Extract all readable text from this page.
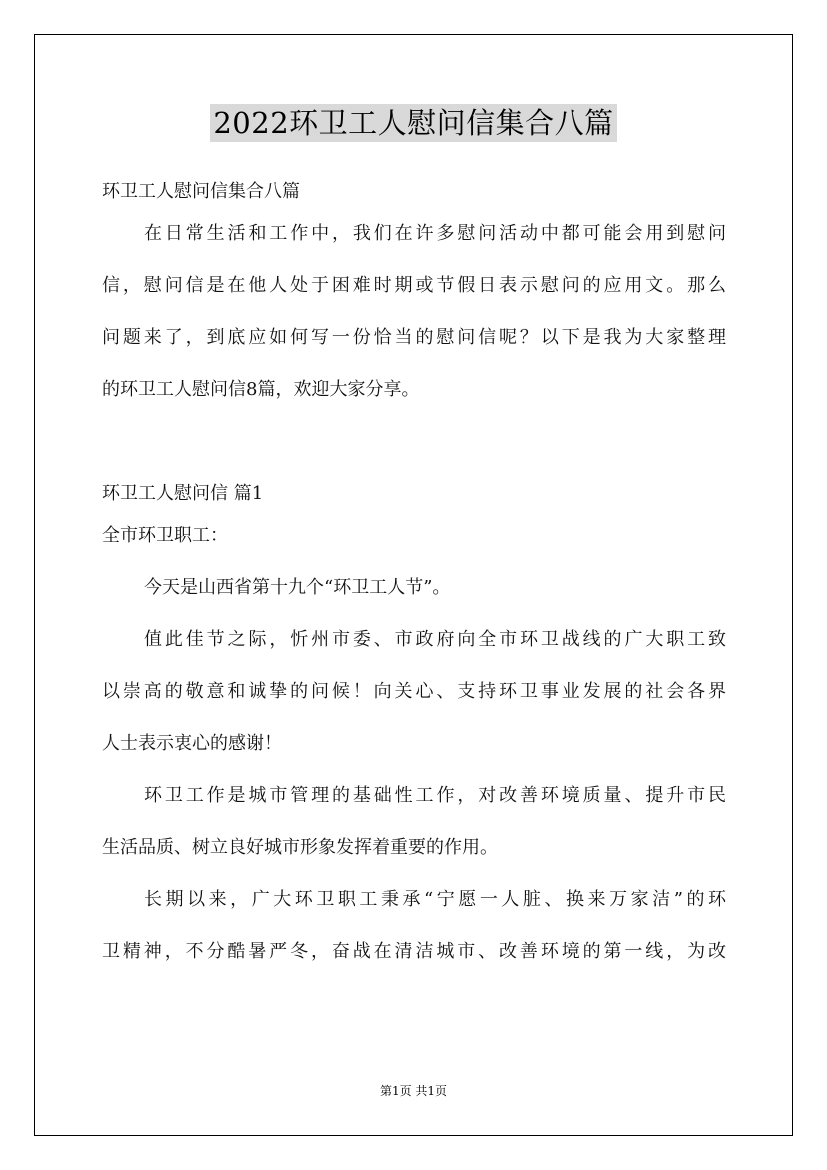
2022环卫工人慰问信集合八篇
环卫工人慰问信集合八篇
在日常生活和工作中，我们在许多慰问活动中都可能会用到慰问
信，慰问信是在他人处于困难时期或节假日表示慰问的应用文。那么
问题来了，到底应如何写一份恰当的慰问信呢？以下是我为大家整理
的环卫工人慰问信8篇，欢迎大家分享。
环卫工人慰问信 篇1
全市环卫职工：
今天是山西省第十九个“环卫工人节”。
值此佳节之际，忻州市委、市政府向全市环卫战线的广大职工致
以崇高的敬意和诚挚的问候！向关心、支持环卫事业发展的社会各界
人士表示衷心的感谢！
环卫工作是城市管理的基础性工作，对改善环境质量、提升市民
生活品质、树立良好城市形象发挥着重要的作用。
长期以来，广大环卫职工秉承“宁愿一人脏、换来万家洁”的环
卫精神，不分酷暑严冬，奋战在清洁城市、改善环境的第一线，为改
第1页 共1页
